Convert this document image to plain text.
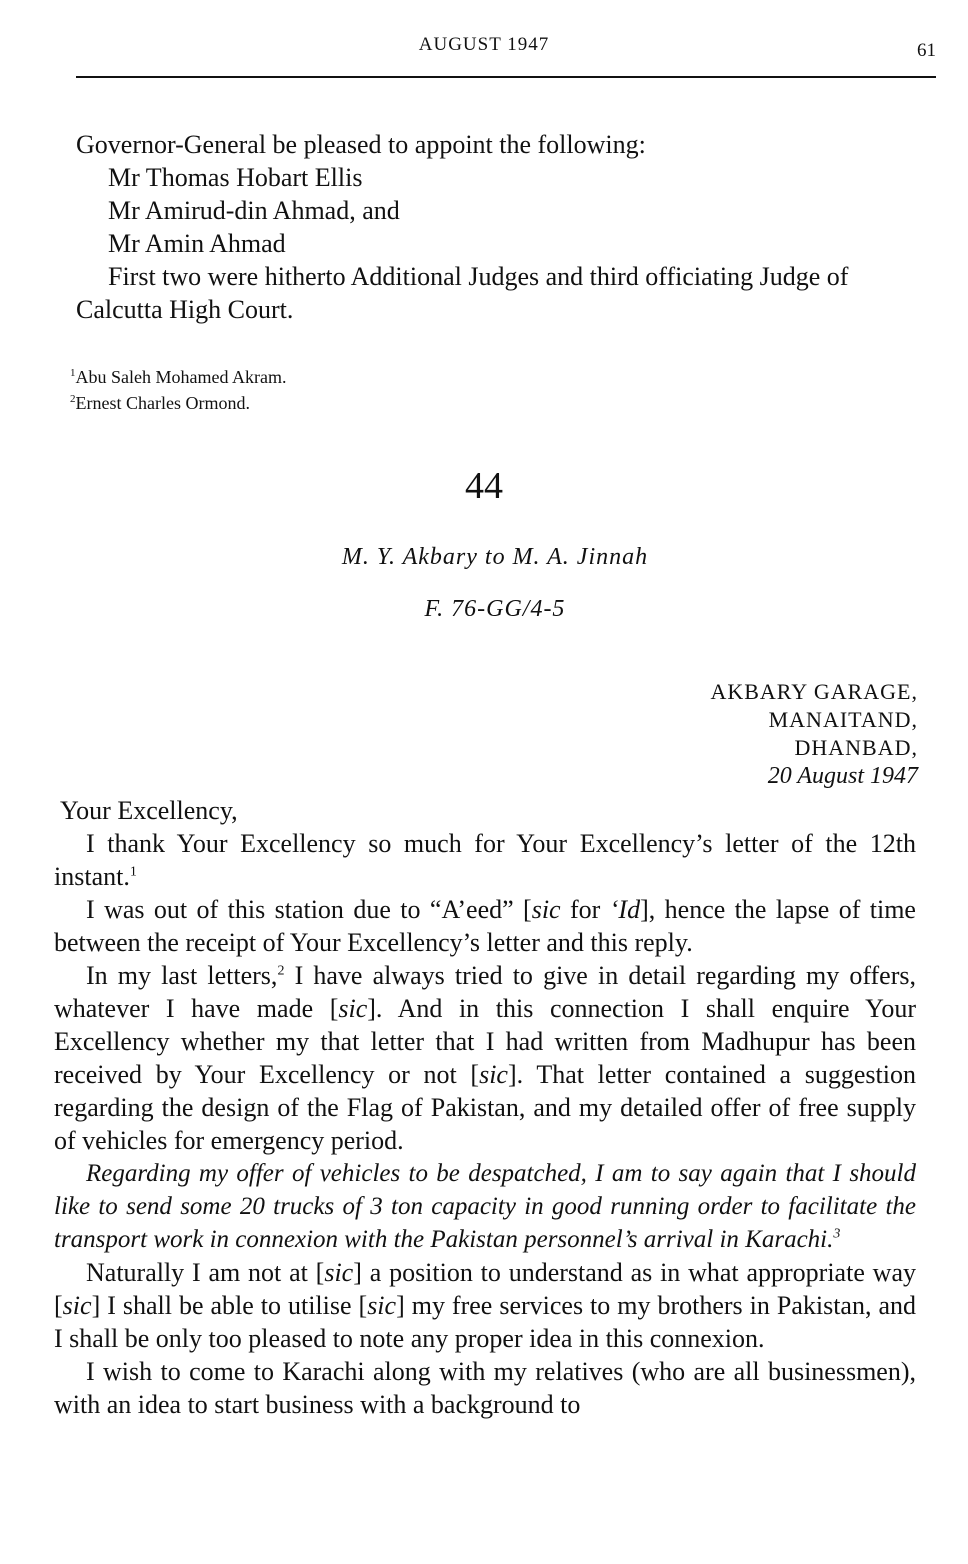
AUGUST 1947	61
Governor-General be pleased to appoint the following:
Mr Thomas Hobart Ellis
Mr Amirud-din Ahmad, and
Mr Amin Ahmad
First two were hitherto Additional Judges and third officiating Judge of Calcutta High Court.
$^1$Abu Saleh Mohamed Akram.
$^2$Ernest Charles Ormond.
44
M. Y. Akbary to M. A. Jinnah
F. 76-GG/4-5
AKBARY GARAGE,
MANAITAND,
DHANBAD,
20 August 1947

Your Excellency,

I thank Your Excellency so much for Your Excellency’s letter of the 12th instant.$^1$

I was out of this station due to “A’eed” [sic for ‘Id], hence the lapse of time between the receipt of Your Excellency’s letter and this reply.

In my last letters,$^2$ I have always tried to give in detail regarding my offers, whatever I have made [sic]. And in this connection I shall enquire Your Excellency whether my that letter that I had written from Madhupur has been received by Your Excellency or not [sic]. That letter contained a suggestion regarding the design of the Flag of Pakistan, and my detailed offer of free supply of vehicles for emergency period.

Regarding my offer of vehicles to be despatched, I am to say again that I should like to send some 20 trucks of 3 ton capacity in good running order to facilitate the transport work in connexion with the Pakistan personnel’s arrival in Karachi.$^3$

Naturally I am not at [sic] a position to understand as in what appropriate way [sic] I shall be able to utilise [sic] my free services to my brothers in Pakistan, and I shall be only too pleased to note any proper idea in this connexion.

I wish to come to Karachi along with my relatives (who are all businessmen), with an idea to start business with a background to
